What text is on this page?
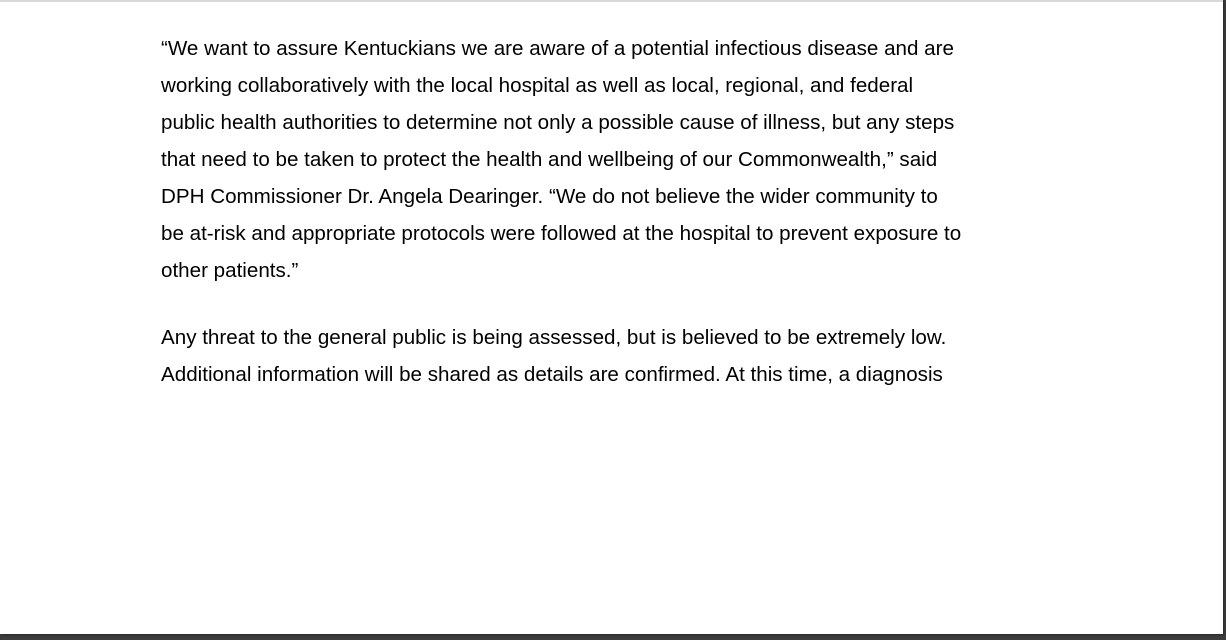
“We want to assure Kentuckians we are aware of a potential infectious disease and are
working collaboratively with the local hospital as well as local, regional, and federal
public health authorities to determine not only a possible cause of illness, but any steps
that need to be taken to protect the health and wellbeing of our Commonwealth,” said
DPH Commissioner Dr. Angela Dearinger. “We do not believe the wider community to
be at-risk and appropriate protocols were followed at the hospital to prevent exposure to
other patients.”

Any threat to the general public is being assessed, but is believed to be extremely low.
Additional information will be shared as details are confirmed. At this time, a diagnosis
